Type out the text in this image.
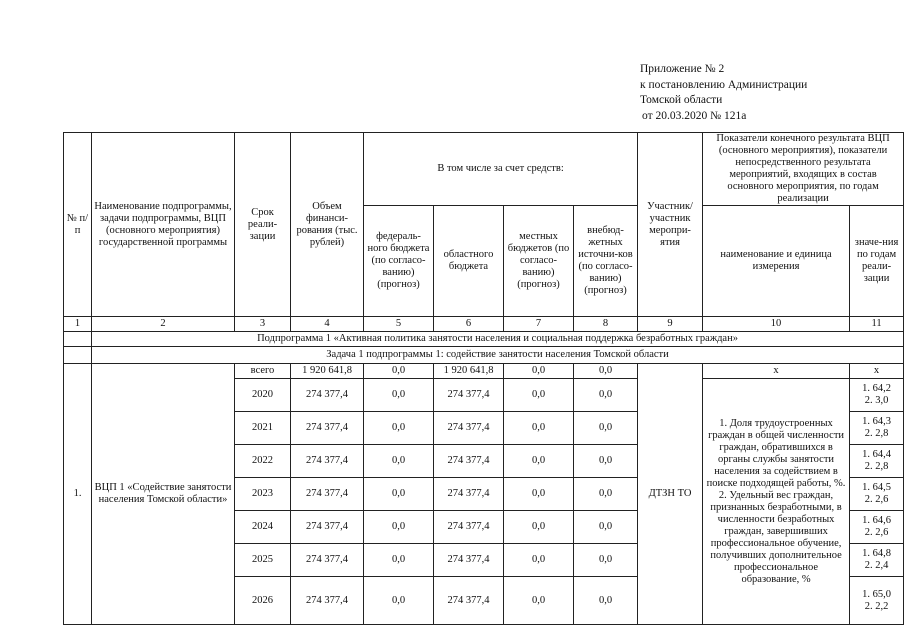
Приложение № 2
к постановлению Администрации
Томской области
от 20.03.2020 № 121а
№ п/п	Наименование подпрограммы, задачи подпрограммы, ВЦП (основного мероприятия) государственной программы	Срок реали-зации	Объем финанси-рования (тыс. рублей)	В том числе за счет средств:				Участник/ участник меропри-ятия	Показатели конечного результата ВЦП (основного мероприятия), показатели непосредственного результата мероприятий, входящих в состав основного мероприятия, по годам реализации	
				федераль-ного бюджета (по согласо-ванию) (прогноз)	областного бюджета	местных бюджетов (по согласо-ванию) (прогноз)	внебюд-жетных источни-ков (по согласо-ванию) (прогноз)		наименование и единица измерения	значе-ния по годам реали-зации
1	2	3	4	5	6	7	8	9	10	11
	Подпрограмма 1 «Активная политика занятости населения и социальная поддержка безработных граждан»									
	Задача 1 подпрограммы 1: содействие занятости населения Томской области									
1.	ВЦП 1 «Содействие занятости населения Томской области»	всего	1 920 641,8	0,0	1 920 641,8	0,0	0,0	ДТЗН ТО	x	x
		2020	274 377,4	0,0	274 377,4	0,0	0,0		1. Доля трудоустроенных граждан в общей численности граждан, обратившихся в органы службы занятости населения за содействием в поиске подходящей работы, %. 2. Удельный вес граждан, признанных безработными, в численности безработных граждан, завершивших профессиональное обучение, получивших дополнительное профессиональное образование, %	1. 64,2
2. 3,0

		2021	274 377,4	0,0	274 377,4	0,0	0,0			1. 64,3
2. 2,8

		2022	274 377,4	0,0	274 377,4	0,0	0,0			1. 64,4
2. 2,8

		2023	274 377,4	0,0	274 377,4	0,0	0,0			1. 64,5
2. 2,6

		2024	274 377,4	0,0	274 377,4	0,0	0,0			1. 64,6
2. 2,6

		2025	274 377,4	0,0	274 377,4	0,0	0,0			1. 64,8
2. 2,4

		2026	274 377,4	0,0	274 377,4	0,0	0,0			1. 65,0
2. 2,2
